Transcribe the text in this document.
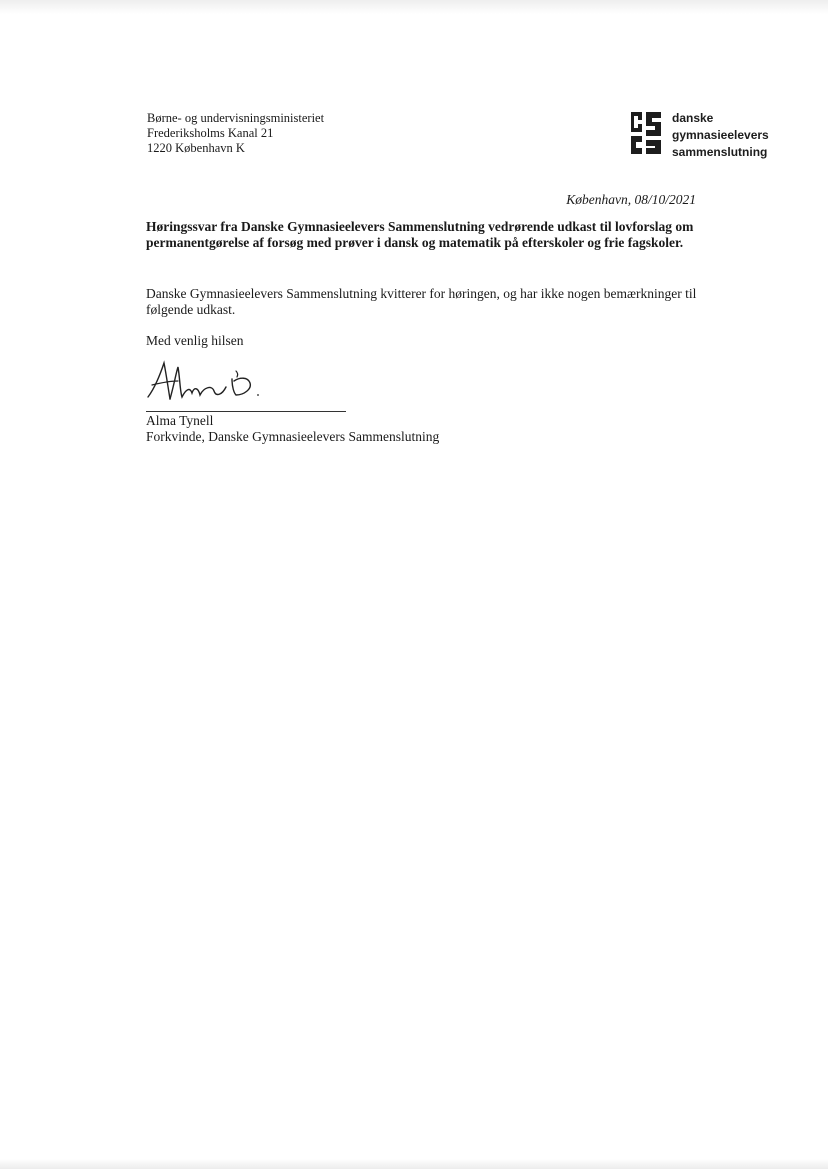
Børne- og undervisningsministeriet
Frederiksholms Kanal 21
1220 København K
danske
gymnasieelevers
sammenslutning
København, 08/10/2021
Høringssvar fra Danske Gymnasieelevers Sammenslutning vedrørende udkast til lovforslag om permanentgørelse af forsøg med prøver i dansk og matematik på efterskoler og frie fagskoler.
Danske Gymnasieelevers Sammenslutning kvitterer for høringen, og har ikke nogen bemærkninger til følgende udkast.
Med venlig hilsen
Alma Tynell
Forkvinde, Danske Gymnasieelevers Sammenslutning
